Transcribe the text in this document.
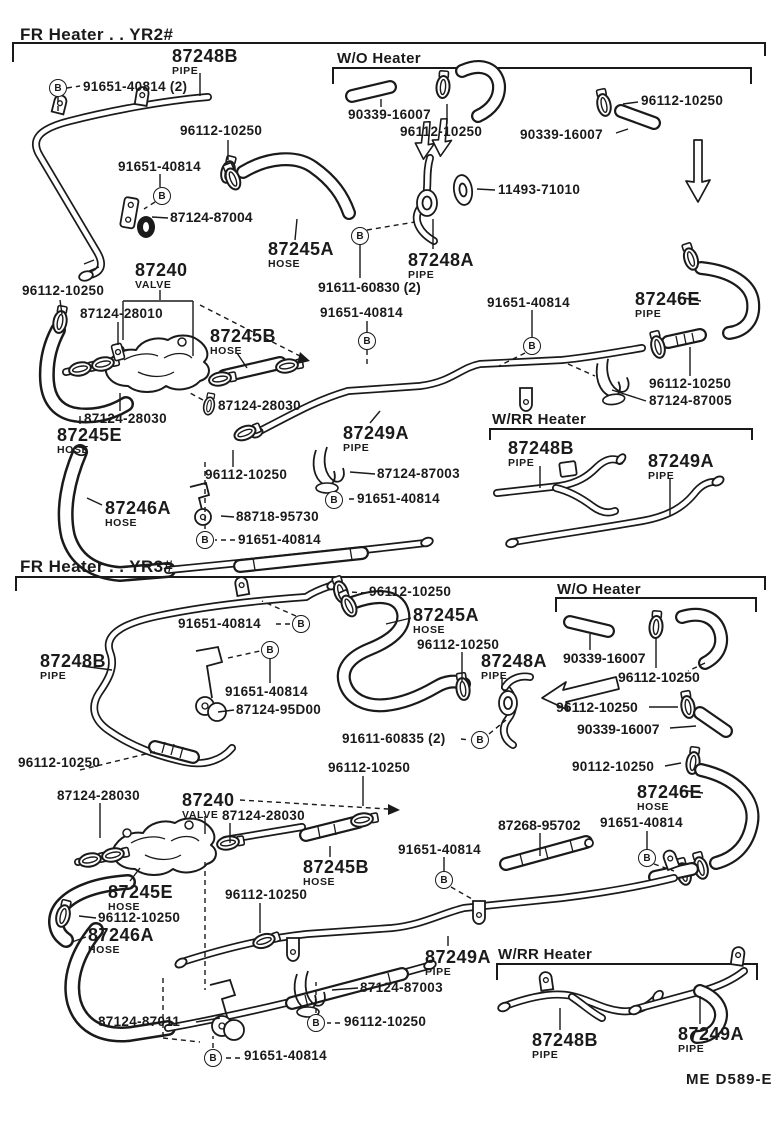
FR Heater . . YR2#
FR Heater . . YR3#
W/O Heater
W/RR Heater
W/O Heater
W/RR Heater
87248B
PIPE
91651-40814 (2)
96112-10250
91651-40814
87124-87004
87245A
HOSE
87240
VALVE
96112-10250
87124-28010
87245B
HOSE
91611-60830 (2)
91651-40814
90339-16007
96112-10250	90339-16007
96112-10250
11493-71010
87248A
PIPE
91651-40814	87246E
PIPE
96112-10250
87124-87005
87124-28030
87124-28030
87245E
HOSE
87249A
PIPE
96112-10250	87124-87003
91651-40814
87246A
HOSE	88718-95730
91651-40814
87248B
PIPE	87249A
PIPE
B
B
B
B	B
B
B
96112-10250
91651-40814	87245A
HOSE
96112-10250
87248A
PIPE
87248B
PIPE
91651-40814
87124-95D00
91611-60835 (2)
90339-16007
96112-10250
96112-10250
90339-16007
96112-10250	96112-10250	90112-10250
87246E
HOSE
87124-28030 87240
VALVE 87124-28030
87268-95702 91651-40814
91651-40814
87245B
HOSE
87245E
HOSE
96112-10250
96112-10250
87246A
HOSE	87249A
PIPE
87124-87003
87124-87011	96112-10250
91651-40814
87248B
PIPE
87249A
PIPE
B
B
B
B
B
B
B
ME D589-E
